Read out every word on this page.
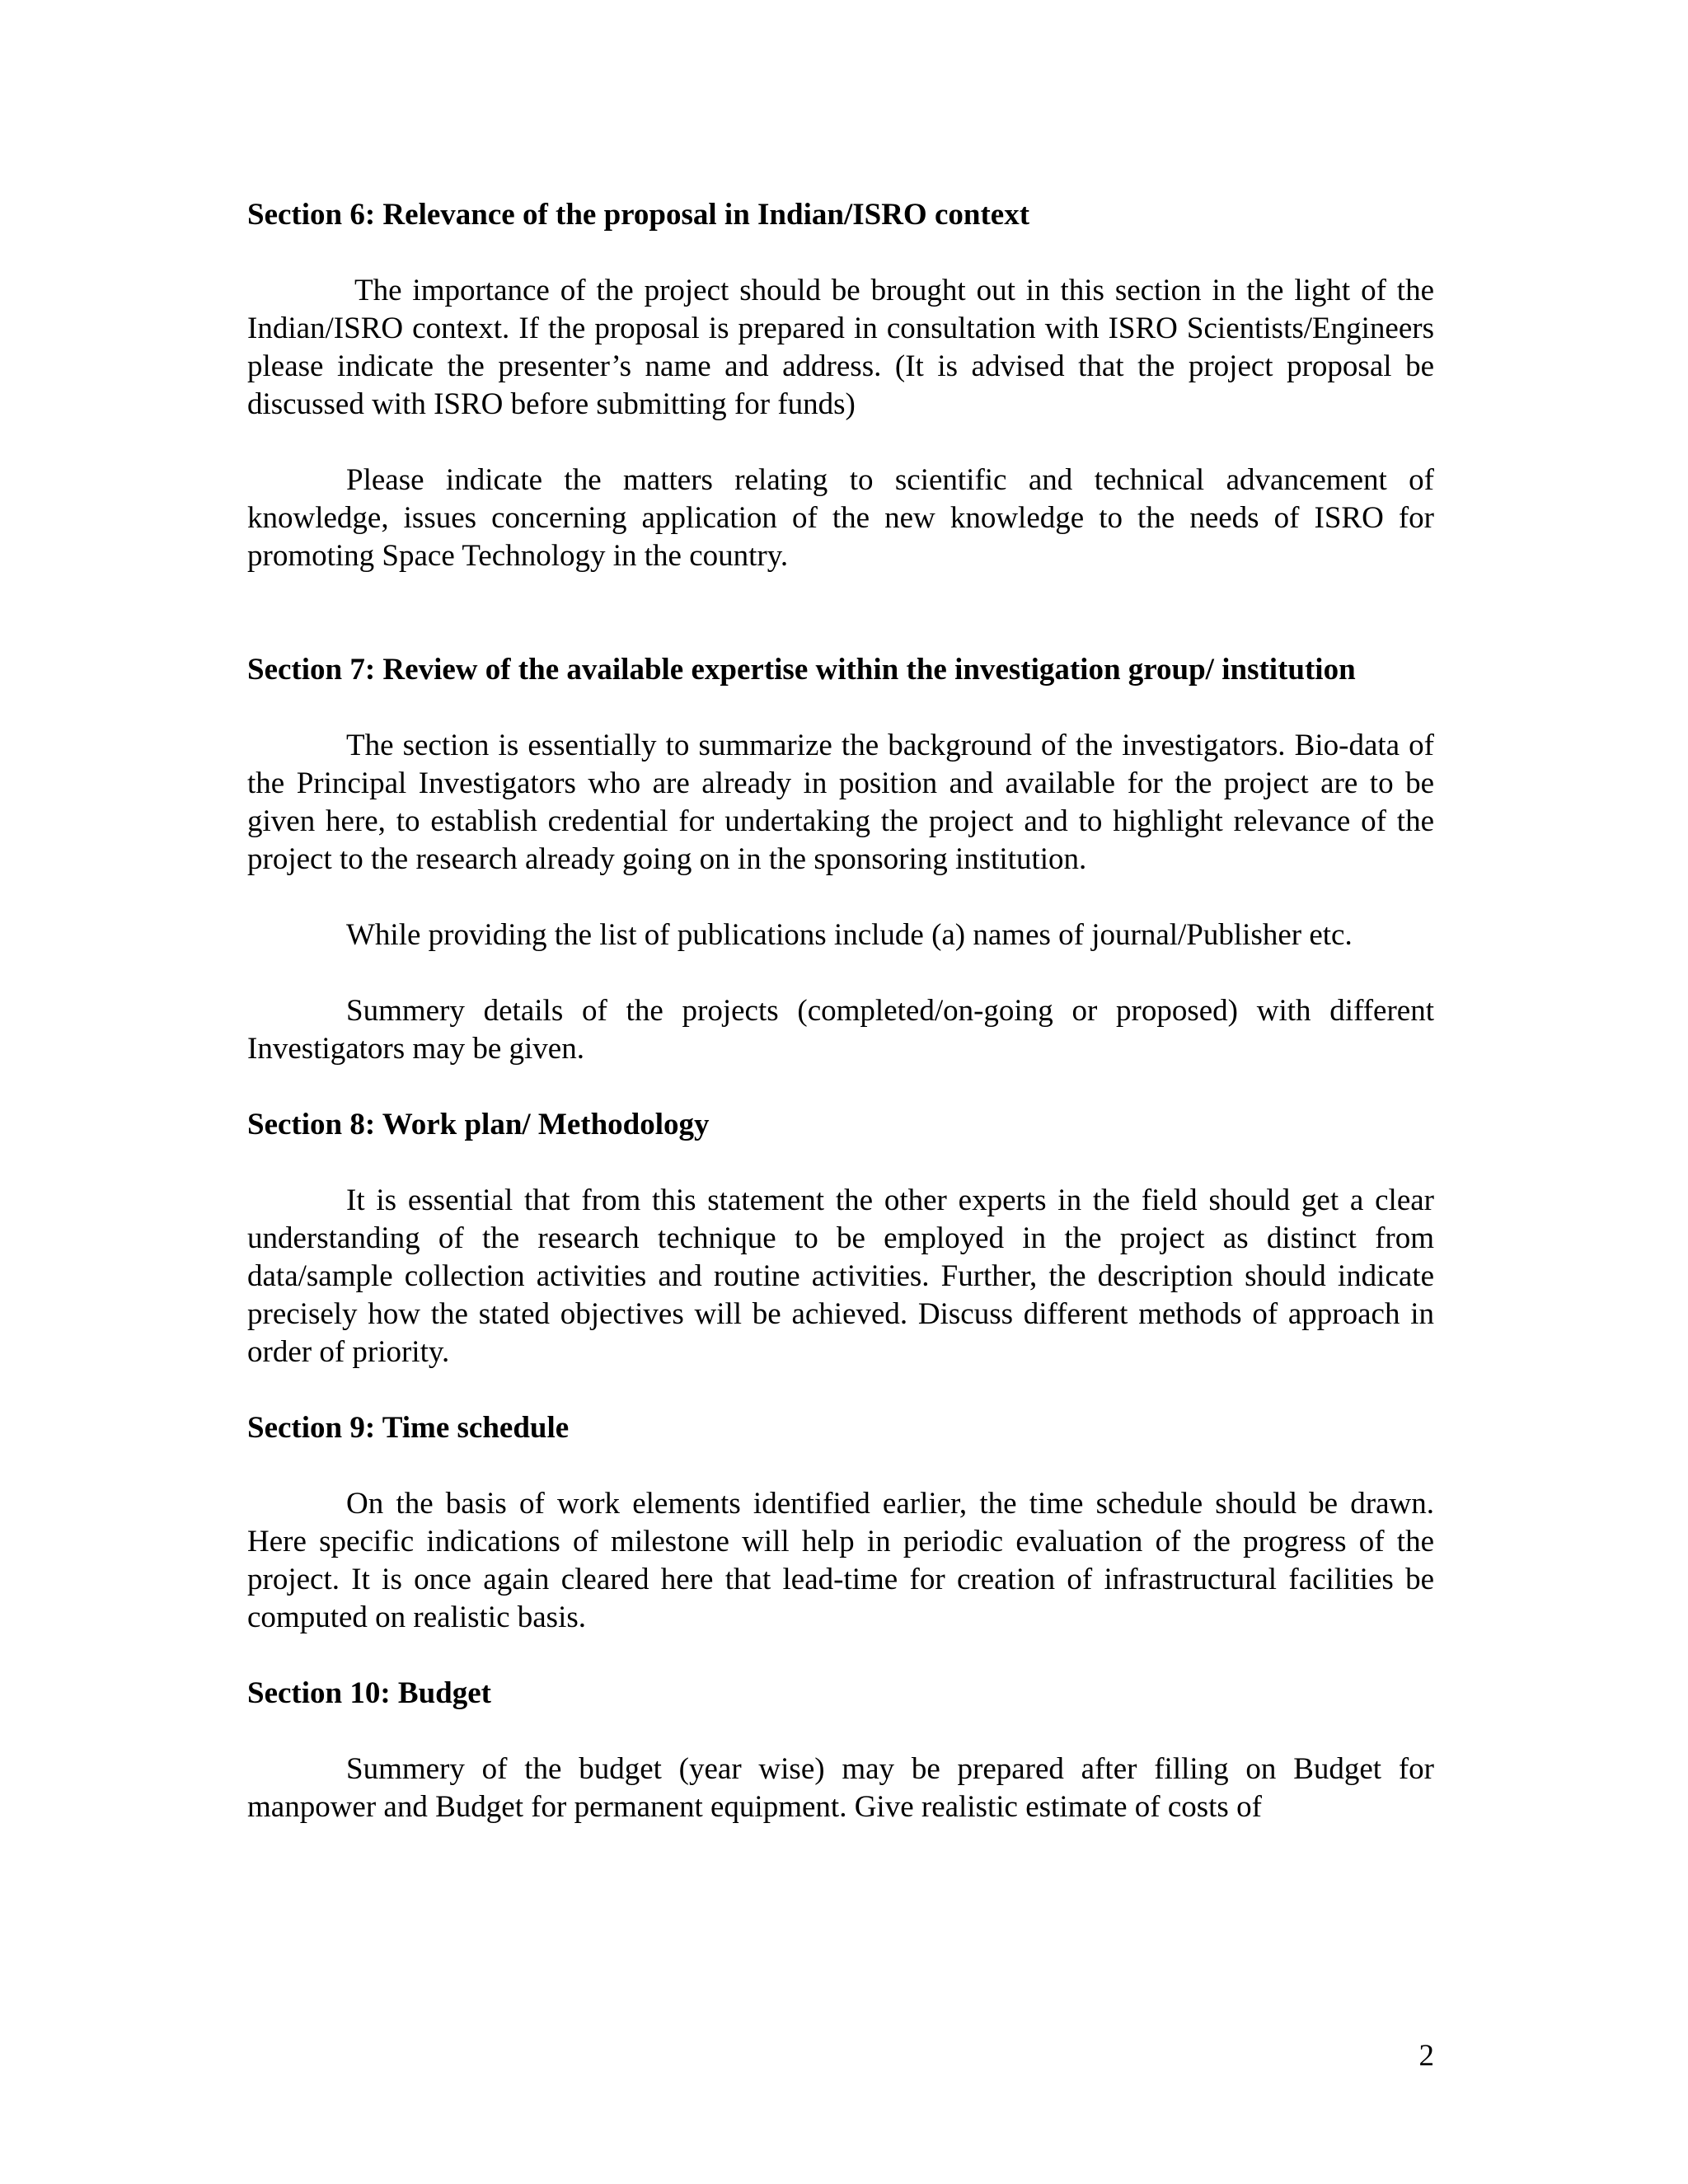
Section 6: Relevance of the proposal in Indian/ISRO context

The importance of the project should be brought out in this section in the light of the Indian/ISRO context. If the proposal is prepared in consultation with ISRO Scientists/Engineers please indicate the presenter’s name and address. (It is advised that the project proposal be discussed with ISRO before submitting for funds)

Please indicate the matters relating to scientific and technical advancement of knowledge, issues concerning application of the new knowledge to the needs of ISRO for promoting Space Technology in the country.

Section 7: Review of the available expertise within the investigation group/ institution

The section is essentially to summarize the background of the investigators. Bio-data of the Principal Investigators who are already in position and available for the project are to be given here, to establish credential for undertaking the project and to highlight relevance of the project to the research already going on in the sponsoring institution.

While providing the list of publications include (a) names of journal/Publisher etc.

Summery details of the projects (completed/on-going or proposed) with different Investigators may be given.

Section 8: Work plan/ Methodology

It is essential that from this statement the other experts in the field should get a clear understanding of the research technique to be employed in the project as distinct from data/sample collection activities and routine activities. Further, the description should indicate precisely how the stated objectives will be achieved. Discuss different methods of approach in order of priority.

Section 9: Time schedule

On the basis of work elements identified earlier, the time schedule should be drawn. Here specific indications of milestone will help in periodic evaluation of the progress of the project. It is once again cleared here that lead-time for creation of infrastructural facilities be computed on realistic basis.

Section 10: Budget

Summery of the budget (year wise) may be prepared after filling on Budget for manpower and Budget for permanent equipment. Give realistic estimate of costs of

2
